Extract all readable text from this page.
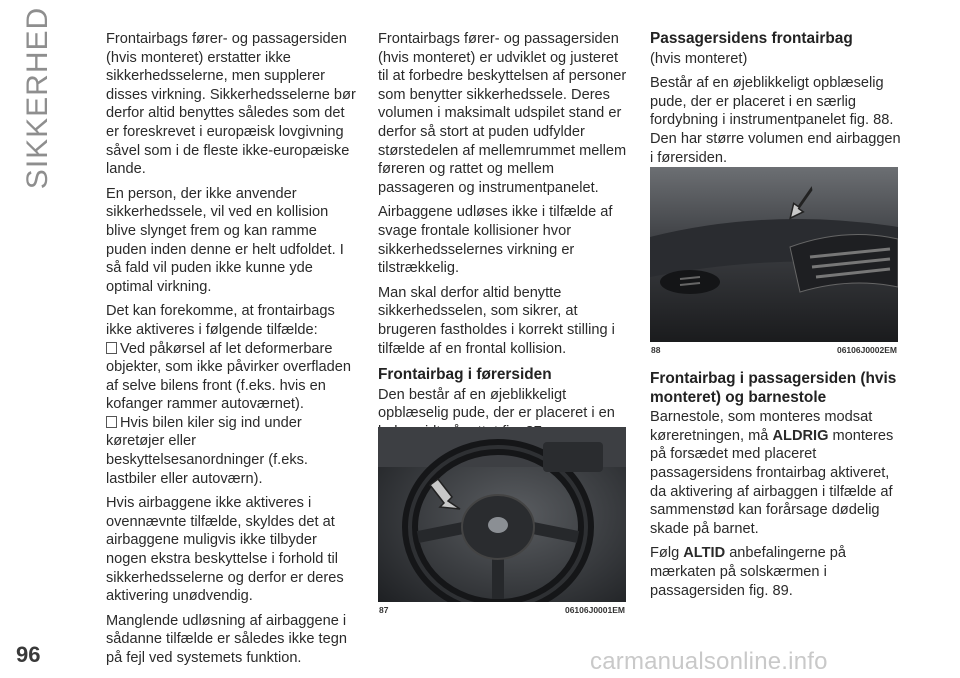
SIKKERHED	Frontairbags fører- og passagersiden (hvis monteret) erstatter ikke sikkerhedsselerne, men supplerer disses virkning. Sikkerhedsselerne bør derfor altid benyttes således som det er foreskrevet i europæisk lovgivning såvel som i de fleste ikke-europæiske lande.

En person, der ikke anvender sikkerhedssele, vil ved en kollision blive slynget frem og kan ramme puden inden denne er helt udfoldet. I så fald vil puden ikke kunne yde optimal virkning.

Det kan forekomme, at frontairbags ikke aktiveres i følgende tilfælde:

Ved påkørsel af let deformerbare objekter, som ikke påvirker overfladen af selve bilens front (f.eks. hvis en kofanger rammer autoværnet).

Hvis bilen kiler sig ind under køretøjer eller beskyttelsesanordninger (f.eks. lastbiler eller autoværn).

Hvis airbaggene ikke aktiveres i ovennævnte tilfælde, skyldes det at airbaggene muligvis ikke tilbyder nogen ekstra beskyttelse i forhold til sikkerhedsselerne og derfor er deres aktivering unødvendig.

Manglende udløsning af airbaggene i sådanne tilfælde er således ikke tegn på fejl ved systemets funktion.

Frontairbags fører- og passagersiden (hvis monteret) er udviklet og justeret til at forbedre beskyttelsen af personer som benytter sikkerhedssele. Deres volumen i maksimalt udspilet stand er derfor så stort at puden udfylder størstedelen af mellemrummet mellem føreren og rattet og mellem passageren og instrumentpanelet.

Airbaggene udløses ikke i tilfælde af svage frontale kollisioner hvor sikkerhedsselernes virkning er tilstrækkelig.

Man skal derfor altid benytte sikkerhedsselen, som sikrer, at brugeren fastholdes i korrekt stilling i tilfælde af en frontal kollision.

Frontairbag i førersiden

Den består af en øjeblikkeligt opblæselig pude, der er placeret i en

87	06106J0001EM
Passagersidens frontairbag

(hvis monteret)

Består af en øjeblikkeligt opblæselig pude, der er placeret i en særlig fordybning i instrumentpanelet fig. 88. Den har større volumen end airbaggen i førersiden.

88	06106J0002EM
Frontairbag i passagersiden (hvis monteret) og barnestole

Barnestole, som monteres modsat køreretningen, må ALDRIG monteres på forsædet med placeret passagersidens frontairbag aktiveret, da aktivering af airbaggen i tilfælde af sammenstød kan forårsage dødelig skade på barnet.

Følg ALTID anbefalingerne på mærkaten på solskærmen i passagersiden fig. 89.

96	carmanualsonline.info
